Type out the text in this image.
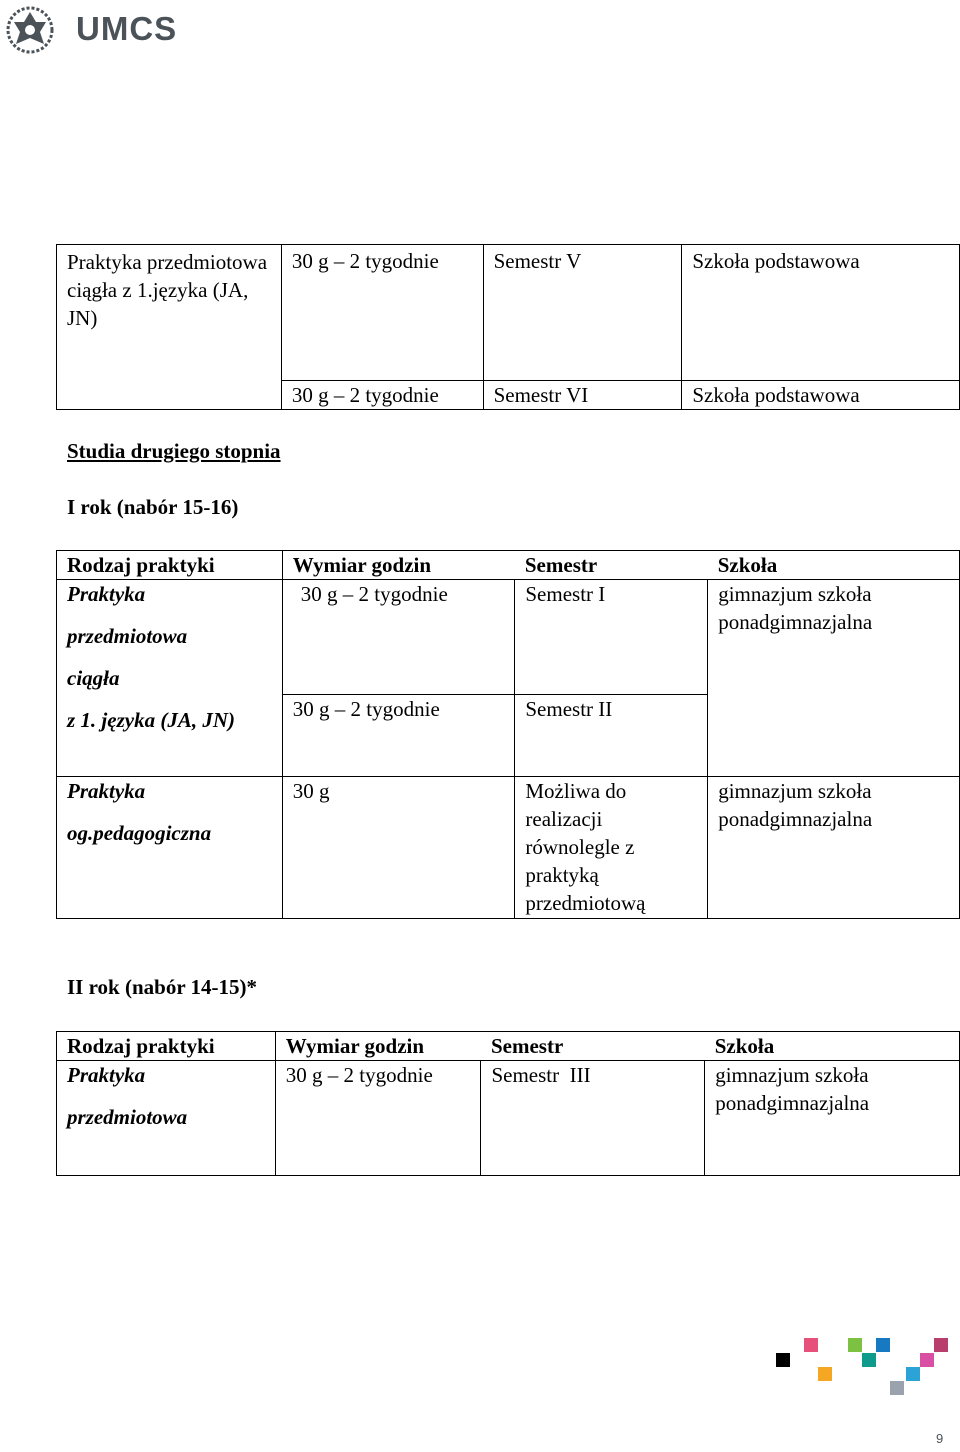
UMCS
Praktyka przedmiotowa ciągła z 1.języka (JA, JN)	30 g – 2 tygodnie	Semestr V	Szkoła podstawowa
	30 g – 2 tygodnie	Semestr VI	Szkoła podstawowa
Studia drugiego stopnia
I rok (nabór 15-16)
Rodzaj praktyki	Wymiar godzin	Semestr	Szkoła

Praktyka
przedmiotowa
ciągła
z 1. języka (JA, JN)	30 g – 2 tygodnie	Semestr I	gimnazjum szkoła ponadgimnazjalna
	30 g – 2 tygodnie	Semestr II	

Praktyka
og.pedagogiczna	30 g	Możliwa do realizacji równolegle z praktyką przedmiotową	gimnazjum szkoła ponadgimnazjalna
II rok (nabór 14-15)*
Rodzaj praktyki	Wymiar godzin	Semestr	Szkoła

Praktyka
przedmiotowa	30 g – 2 tygodnie	Semestr  III	gimnazjum szkoła ponadgimnazjalna
9
